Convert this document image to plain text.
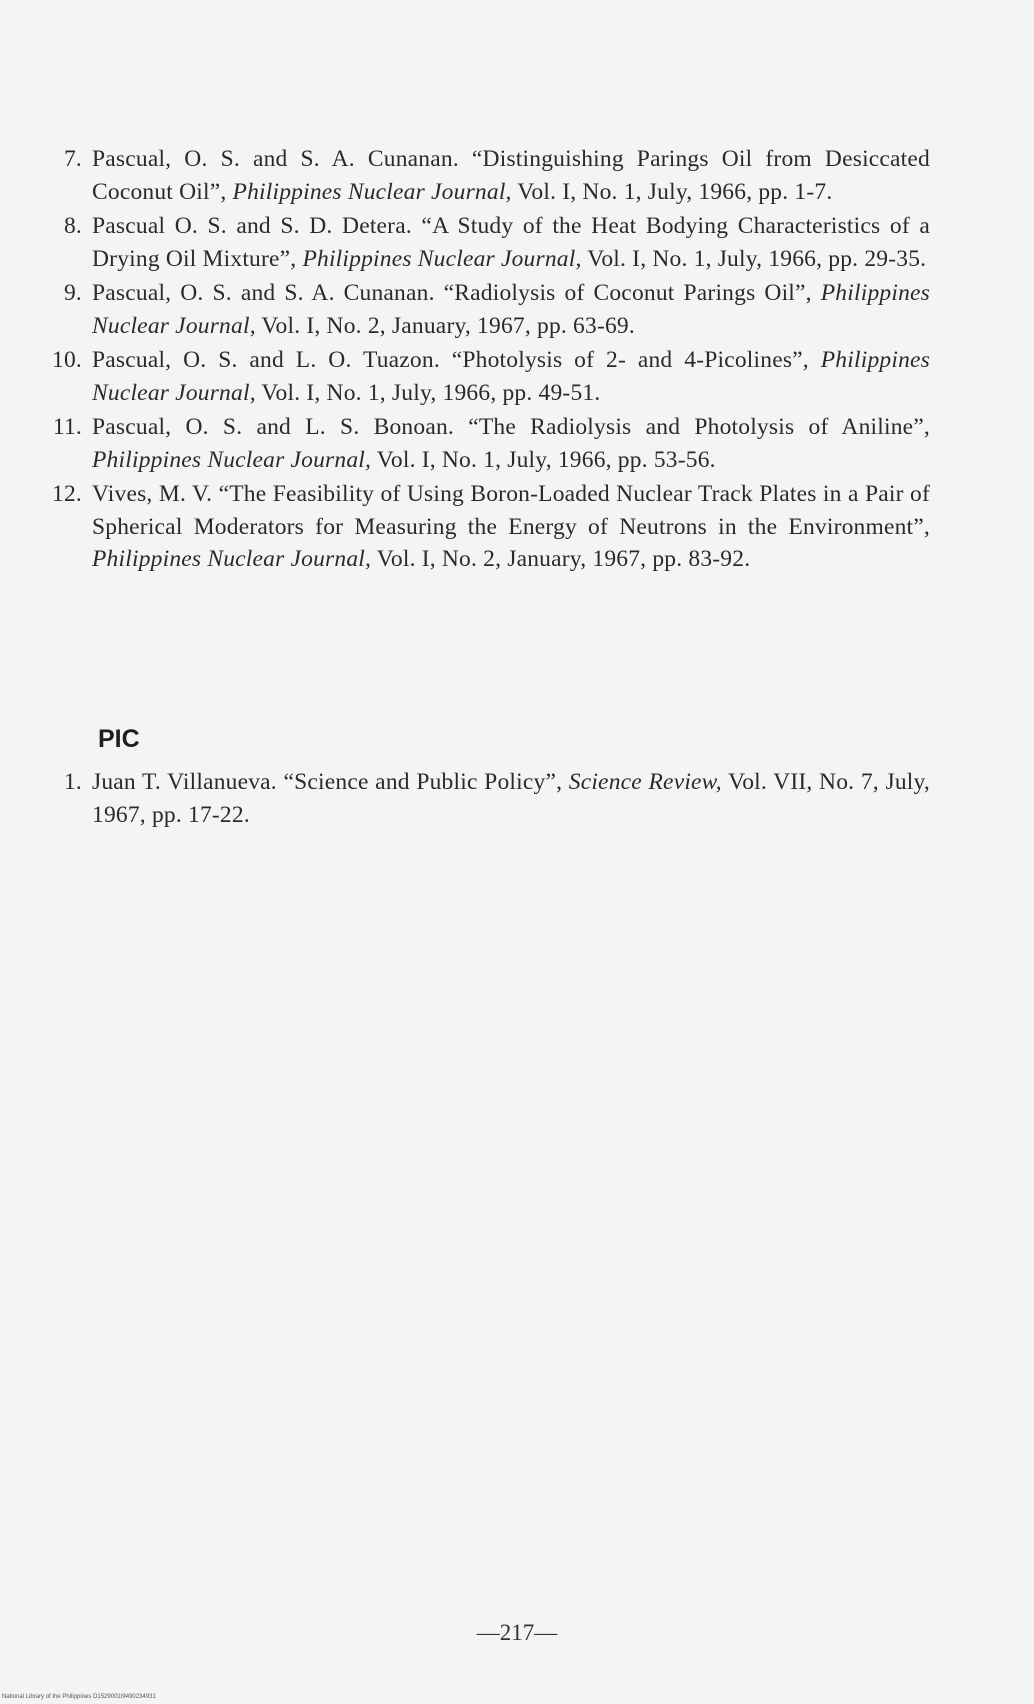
7. Pascual, O. S. and S. A. Cunanan. “Distinguishing Parings Oil from Desiccated Coconut Oil”, Philippines Nuclear Journal, Vol. I, No. 1, July, 1966, pp. 1-7.
8. Pascual O. S. and S. D. Detera. “A Study of the Heat Bodying Characteristics of a Drying Oil Mixture”, Philippines Nuclear Journal, Vol. I, No. 1, July, 1966, pp. 29-35.
9. Pascual, O. S. and S. A. Cunanan. “Radiolysis of Coconut Parings Oil”, Philippines Nuclear Journal, Vol. I, No. 2, January, 1967, pp. 63-69.
10. Pascual, O. S. and L. O. Tuazon. “Photolysis of 2- and 4-Picolines”, Philippines Nuclear Journal, Vol. I, No. 1, July, 1966, pp. 49-51.
11. Pascual, O. S. and L. S. Bonoan. “The Radiolysis and Photolysis of Aniline”, Philippines Nuclear Journal, Vol. I, No. 1, July, 1966, pp. 53-56.
12. Vives, M. V. “The Feasibility of Using Boron-Loaded Nuclear Track Plates in a Pair of Spherical Moderators for Measuring the Energy of Neutrons in the Environment”, Philippines Nuclear Journal, Vol. I, No. 2, January, 1967, pp. 83-92.
PIC
1. Juan T. Villanueva. “Science and Public Policy”, Science Review, Vol. VII, No. 7, July, 1967, pp. 17-22.
—217—
National Library of the Philippines D1529001I9490234931
